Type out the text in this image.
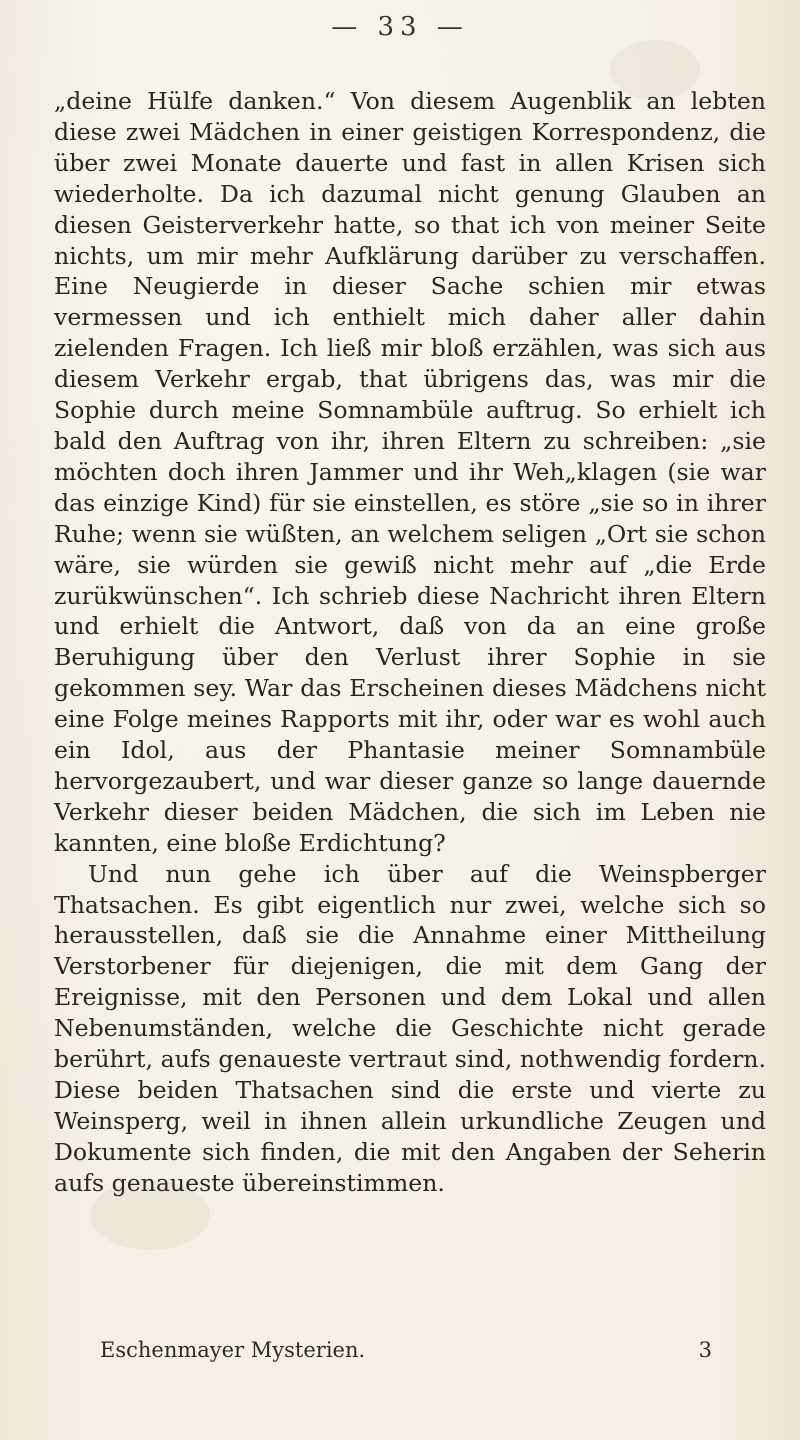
— 33 —

„deine Hülfe danken.“ Von diesem Augenblik an lebten diese zwei Mädchen in einer geistigen Korrespondenz, die über zwei Monate dauerte und fast in allen Krisen sich wiederholte. Da ich dazumal nicht genung Glauben an diesen Geisterverkehr hatte, so that ich von meiner Seite nichts, um mir mehr Aufklärung darüber zu verschaffen. Eine Neugierde in dieser Sache schien mir etwas vermessen und ich enthielt mich daher aller dahin zielenden Fragen. Ich ließ mir bloß erzählen, was sich aus diesem Verkehr ergab, that übrigens das, was mir die Sophie durch meine Somnambüle auftrug. So erhielt ich bald den Auftrag von ihr, ihren Eltern zu schreiben: „sie möchten doch ihren Jammer und ihr Weh„klagen (sie war das einzige Kind) für sie einstellen, es störe „sie so in ihrer Ruhe; wenn sie wüßten, an welchem seligen „Ort sie schon wäre, sie würden sie gewiß nicht mehr auf „die Erde zurükwünschen“. Ich schrieb diese Nachricht ihren Eltern und erhielt die Antwort, daß von da an eine große Beruhigung über den Verlust ihrer Sophie in sie gekommen sey. War das Erscheinen dieses Mädchens nicht eine Folge meines Rapports mit ihr, oder war es wohl auch ein Idol, aus der Phantasie meiner Somnambüle hervorgezaubert, und war dieser ganze so lange dauernde Verkehr dieser beiden Mädchen, die sich im Leben nie kannten, eine bloße Erdichtung?

Und nun gehe ich über auf die Weinspberger Thatsachen. Es gibt eigentlich nur zwei, welche sich so herausstellen, daß sie die Annahme einer Mittheilung Verstorbener für diejenigen, die mit dem Gang der Ereignisse, mit den Personen und dem Lokal und allen Nebenumständen, welche die Geschichte nicht gerade berührt, aufs genaueste vertraut sind, nothwendig fordern. Diese beiden Thatsachen sind die erste und vierte zu Weinsperg, weil in ihnen allein urkundliche Zeugen und Dokumente sich finden, die mit den Angaben der Seherin aufs genaueste übereinstimmen.

Eschenmayer Mysterien.	3
